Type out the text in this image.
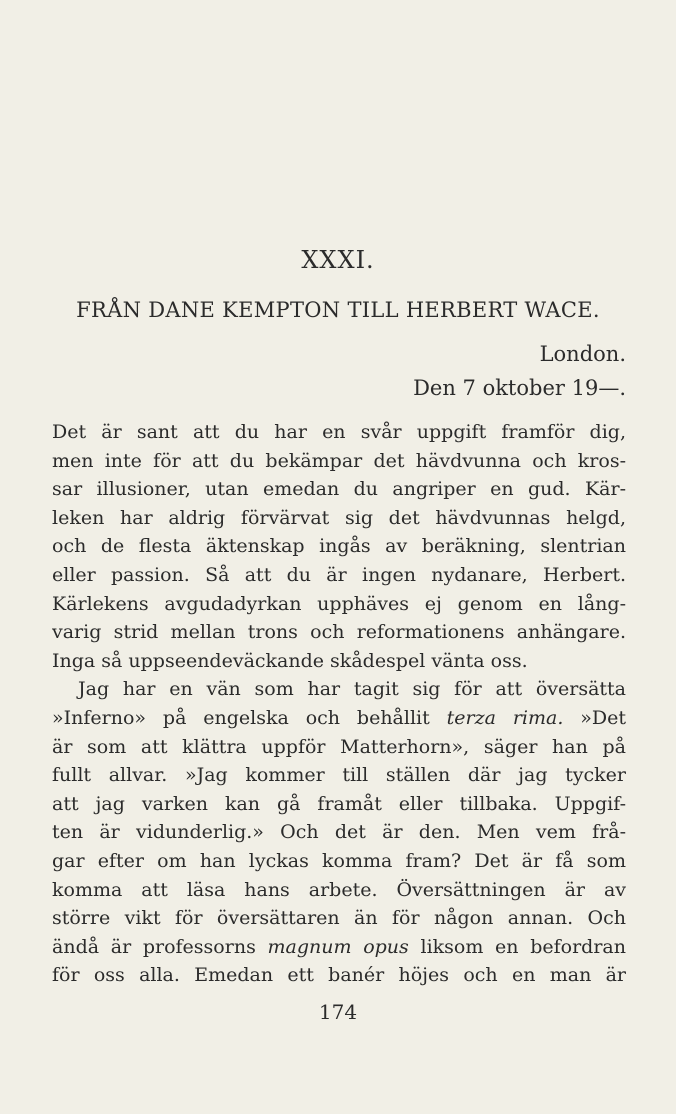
XXXI.
FRÅN DANE KEMPTON TILL HERBERT WACE.
London.
Den 7 oktober 19—.
Det är sant att du har en svår uppgift framför dig,
men inte för att du bekämpar det hävdvunna och kros-
sar illusioner, utan emedan du angriper en gud. Kär-
leken har aldrig förvärvat sig det hävdvunnas helgd,
och de flesta äktenskap ingås av beräkning, slentrian
eller passion. Så att du är ingen nydanare, Herbert.
Kärlekens avgudadyrkan upphäves ej genom en lång-
varig strid mellan trons och reformationens anhängare.
Inga så uppseendeväckande skådespel vänta oss.
Jag har en vän som har tagit sig för att översätta
»Inferno» på engelska och behållit terza rima. »Det
är som att klättra uppför Matterhorn», säger han på
fullt allvar. »Jag kommer till ställen där jag tycker
att jag varken kan gå framåt eller tillbaka. Uppgif-
ten är vidunderlig.» Och det är den. Men vem frå-
gar efter om han lyckas komma fram? Det är få som
komma att läsa hans arbete. Översättningen är av
större vikt för översättaren än för någon annan. Och
ändå är professorns magnum opus liksom en befordran
för oss alla. Emedan ett banér höjes och en man är
174
